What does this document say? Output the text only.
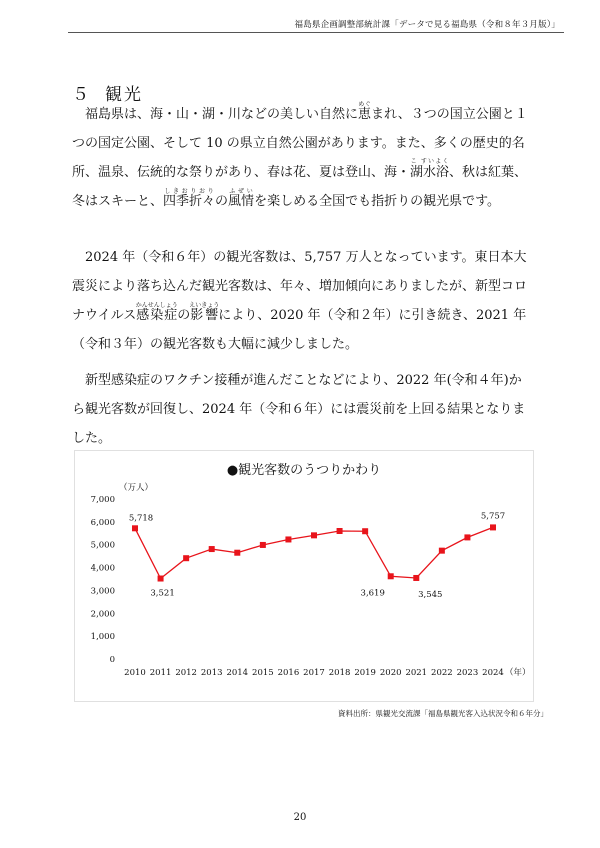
福島県企画調整部統計課「データで見る福島県（令和８年３月版）」
５ 観光

福島県は、海・山・湖・川などの美しい自然に恵めぐまれ、３つの国立公園と１つの国定公園、そして 10 の県立自然公園があります。また、多くの歴史的名所、温泉、伝統的な祭りがあり、春は花、夏は登山、海・湖水浴こ すいよく、秋は紅葉、冬はスキーと、四季折々しきおりおりの風情ふぜいを楽しめる全国でも指折りの観光県です。

2024 年（令和６年）の観光客数は、5,757 万人となっています。東日本大震災により落ち込んだ観光客数は、年々、増加傾向にありましたが、新型コロナウイルス感染症かんせんしょうの影響えいきょうにより、2020 年（令和２年）に引き続き、2021 年（令和３年）の観光客数も大幅に減少しました。

新型感染症のワクチン接種が進んだことなどにより、2022 年(令和４年)から観光客数が回復し、2024 年（令和６年）には震災前を上回る結果となりました。

●観光客数のうつりかわり
（万人）
0
1,000
2,000
3,000
4,000
5,000
6,000
7,000
2010 2011 2012 2013 2014 2015 2016 2017 2018 2019 2020 2021 2022 2023 2024 （年）
5,718
3,521	3,619	3,545
5,757
資料出所：県観光交流課「福島県観光客入込状況令和６年分」
20
